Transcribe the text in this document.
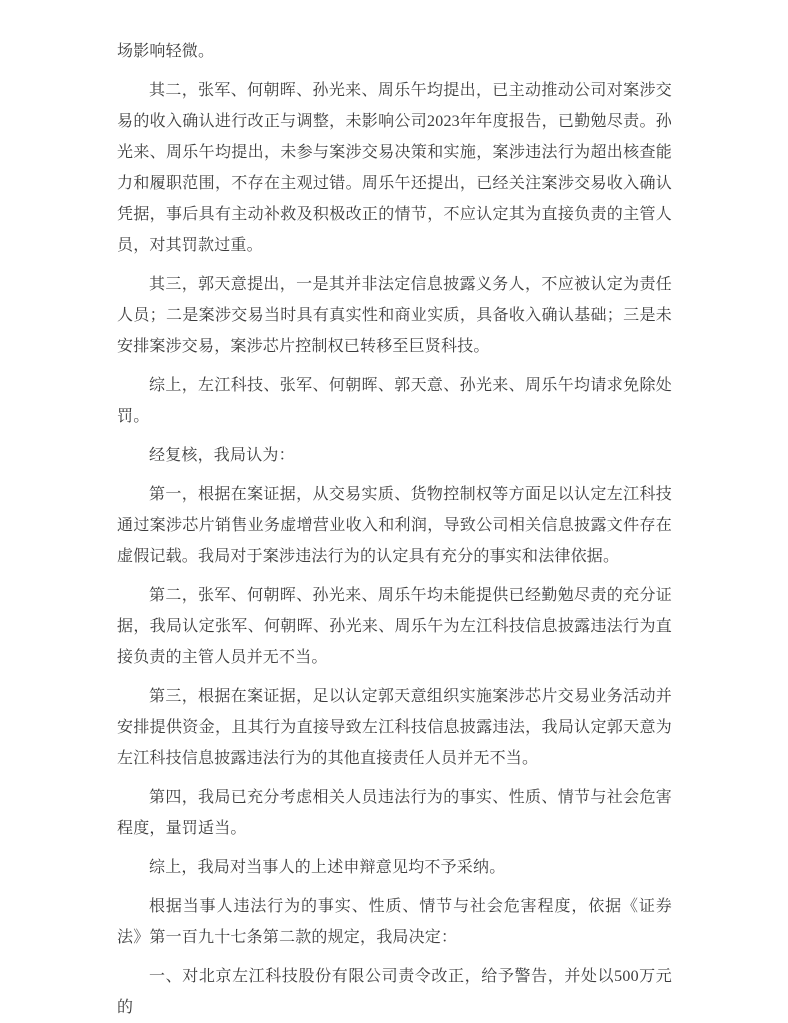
场影响轻微。

其二，张军、何朝晖、孙光来、周乐午均提出，已主动推动公司对案涉交易的收入确认进行改正与调整，未影响公司2023年年度报告，已勤勉尽责。孙光来、周乐午均提出，未参与案涉交易决策和实施，案涉违法行为超出核查能力和履职范围，不存在主观过错。周乐午还提出，已经关注案涉交易收入确认凭据，事后具有主动补救及积极改正的情节，不应认定其为直接负责的主管人员，对其罚款过重。

其三，郭天意提出，一是其并非法定信息披露义务人，不应被认定为责任人员；二是案涉交易当时具有真实性和商业实质，具备收入确认基础；三是未安排案涉交易，案涉芯片控制权已转移至巨贤科技。

综上，左江科技、张军、何朝晖、郭天意、孙光来、周乐午均请求免除处罚。

经复核，我局认为：

第一，根据在案证据，从交易实质、货物控制权等方面足以认定左江科技通过案涉芯片销售业务虚增营业收入和利润，导致公司相关信息披露文件存在虚假记载。我局对于案涉违法行为的认定具有充分的事实和法律依据。

第二，张军、何朝晖、孙光来、周乐午均未能提供已经勤勉尽责的充分证据，我局认定张军、何朝晖、孙光来、周乐午为左江科技信息披露违法行为直接负责的主管人员并无不当。

第三，根据在案证据，足以认定郭天意组织实施案涉芯片交易业务活动并安排提供资金，且其行为直接导致左江科技信息披露违法，我局认定郭天意为左江科技信息披露违法行为的其他直接责任人员并无不当。

第四，我局已充分考虑相关人员违法行为的事实、性质、情节与社会危害程度，量罚适当。

综上，我局对当事人的上述申辩意见均不予采纳。

根据当事人违法行为的事实、性质、情节与社会危害程度，依据《证券法》第一百九十七条第二款的规定，我局决定：

一、对北京左江科技股份有限公司责令改正，给予警告，并处以500万元的
